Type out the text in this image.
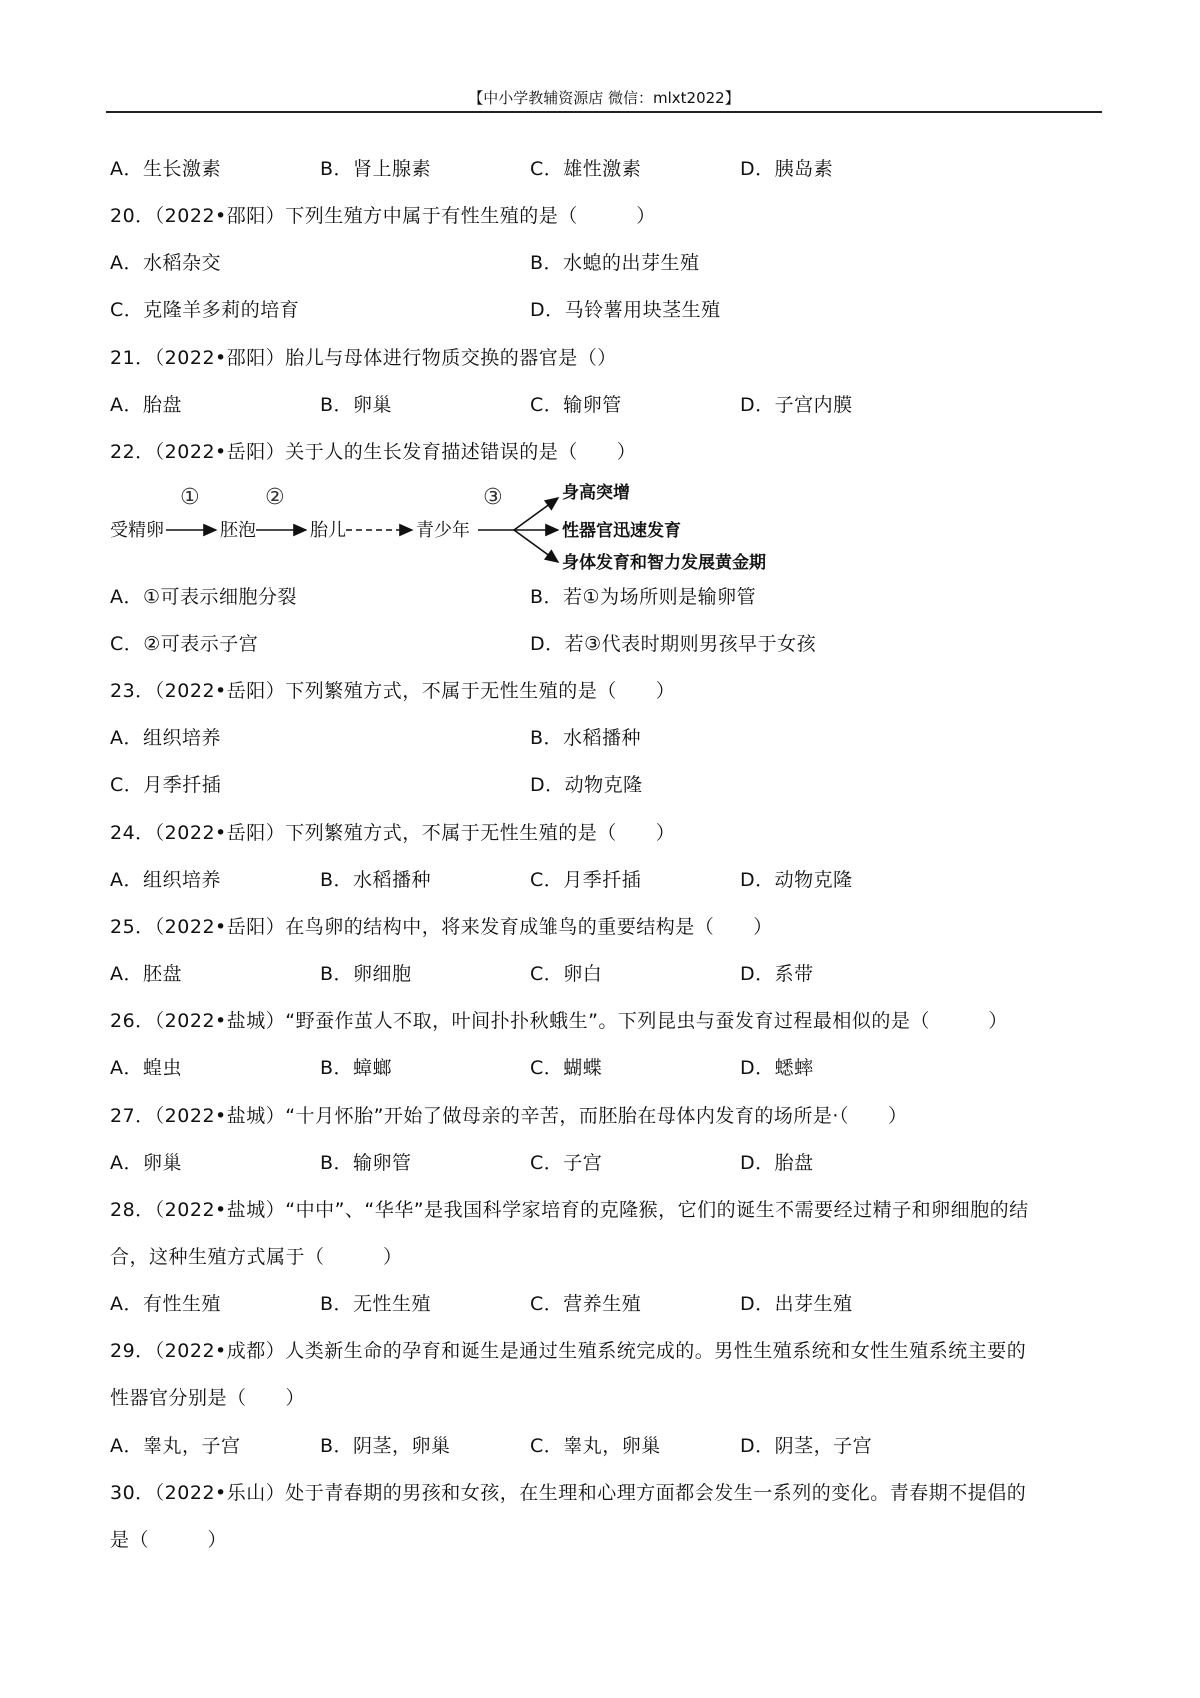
【中小学教辅资源店 微信：mlxt2022】
A．生长激素	B．肾上腺素	C．雄性激素	D．胰岛素
20．（2022•邵阳）下列生殖方中属于有性生殖的是（　　　）
A．水稻杂交	B．水螅的出芽生殖
C．克隆羊多莉的培育	D．马铃薯用块茎生殖
21．（2022•邵阳）胎儿与母体进行物质交换的器官是（）
A．胎盘	B．卵巢	C．输卵管	D．子宫内膜
22．（2022•岳阳）关于人的生长发育描述错误的是（　　）
受精卵	胚泡	胎儿	青少年
①	②	③	身高突增
性器官迅速发育
身体发育和智力发展黄金期
A．①可表示细胞分裂	B．若①为场所则是输卵管
C．②可表示子宫	D．若③代表时期则男孩早于女孩
23．（2022•岳阳）下列繁殖方式，不属于无性生殖的是（　　）
A．组织培养	B．水稻播种
C．月季扦插	D．动物克隆
24．（2022•岳阳）下列繁殖方式，不属于无性生殖的是（　　）
A．组织培养	B．水稻播种	C．月季扦插	D．动物克隆
25．（2022•岳阳）在鸟卵的结构中，将来发育成雏鸟的重要结构是（　　）
A．胚盘	B．卵细胞	C．卵白	D．系带
26．（2022•盐城）“野蚕作茧人不取，叶间扑扑秋蛾生”。下列昆虫与蚕发育过程最相似的是（　　　）
A．蝗虫	B．蟑螂	C．蝴蝶	D．蟋蟀
27．（2022•盐城）“十月怀胎”开始了做母亲的辛苦，而胚胎在母体内发育的场所是·（　　）
A．卵巢	B．输卵管	C．子宫	D．胎盘
28．（2022•盐城）“中中”、“华华”是我国科学家培育的克隆猴，它们的诞生不需要经过精子和卵细胞的结
合，这种生殖方式属于（　　　）
A．有性生殖	B．无性生殖	C．营养生殖	D．出芽生殖
29．（2022•成都）人类新生命的孕育和诞生是通过生殖系统完成的。男性生殖系统和女性生殖系统主要的
性器官分别是（　　）
A．睾丸，子宫	B．阴茎，卵巢	C．睾丸，卵巢	D．阴茎，子宫
30．（2022•乐山）处于青春期的男孩和女孩，在生理和心理方面都会发生一系列的变化。青春期不提倡的
是（　　　）
